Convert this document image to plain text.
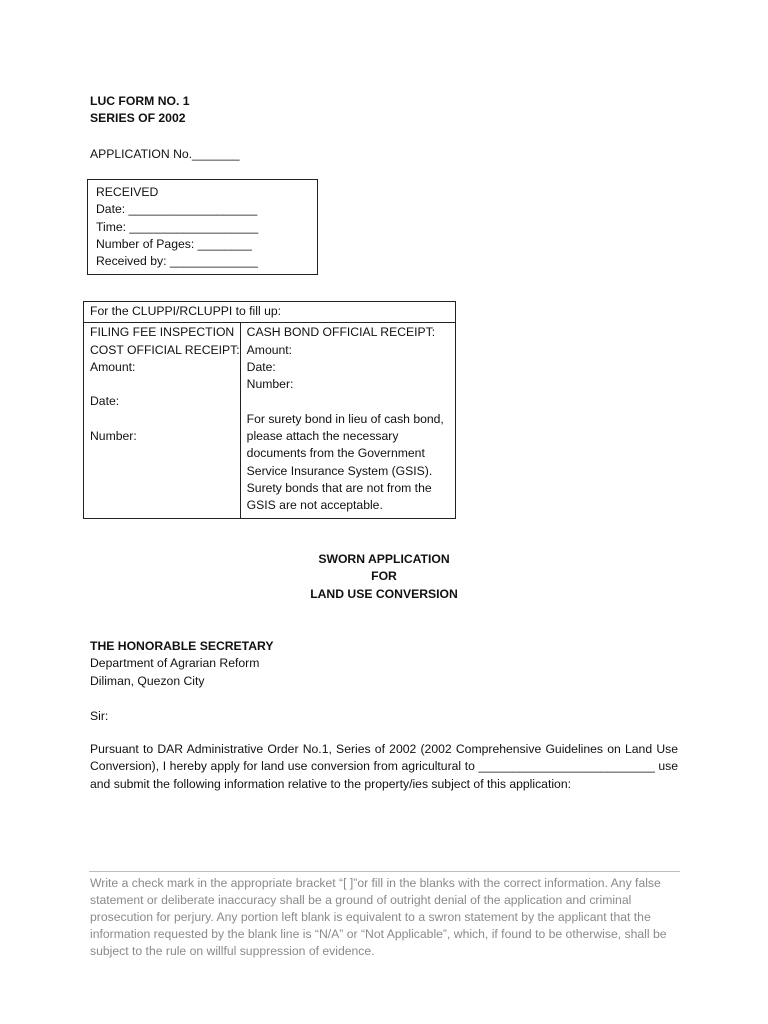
LUC FORM NO. 1
SERIES OF 2002
APPLICATION No._______
RECEIVED
Date: ___________________
Time: ___________________
Number of Pages: ________
Received by: _____________
For the CLUPPI/RCLUPPI to fill up:

FILING FEE INSPECTION
COST OFFICIAL RECEIPT:
Amount:
Date:
Number:

CASH BOND OFFICIAL RECEIPT:
Amount:
Date:
Number:
For surety bond in lieu of cash bond, please attach the necessary documents from the Government Service Insurance System (GSIS). Surety bonds that are not from the GSIS are not acceptable.
SWORN APPLICATION
FOR
LAND USE CONVERSION
THE HONORABLE SECRETARY
Department of Agrarian Reform
Diliman, Quezon City
Sir:
Pursuant to DAR Administrative Order No.1, Series of 2002 (2002 Comprehensive Guidelines on Land Use Conversion), I hereby apply for land use conversion from agricultural to __________________________ use and submit the following information relative to the property/ies subject of this application:
Write a check mark in the appropriate bracket “[ ]”or fill in the blanks with the correct information. Any false statement or deliberate inaccuracy shall be a ground of outright denial of the application and criminal prosecution for perjury. Any portion left blank is equivalent to a swron statement by the applicant that the information requested by the blank line is “N/A” or “Not Applicable”, which, if found to be otherwise, shall be subject to the rule on willful suppression of evidence.
